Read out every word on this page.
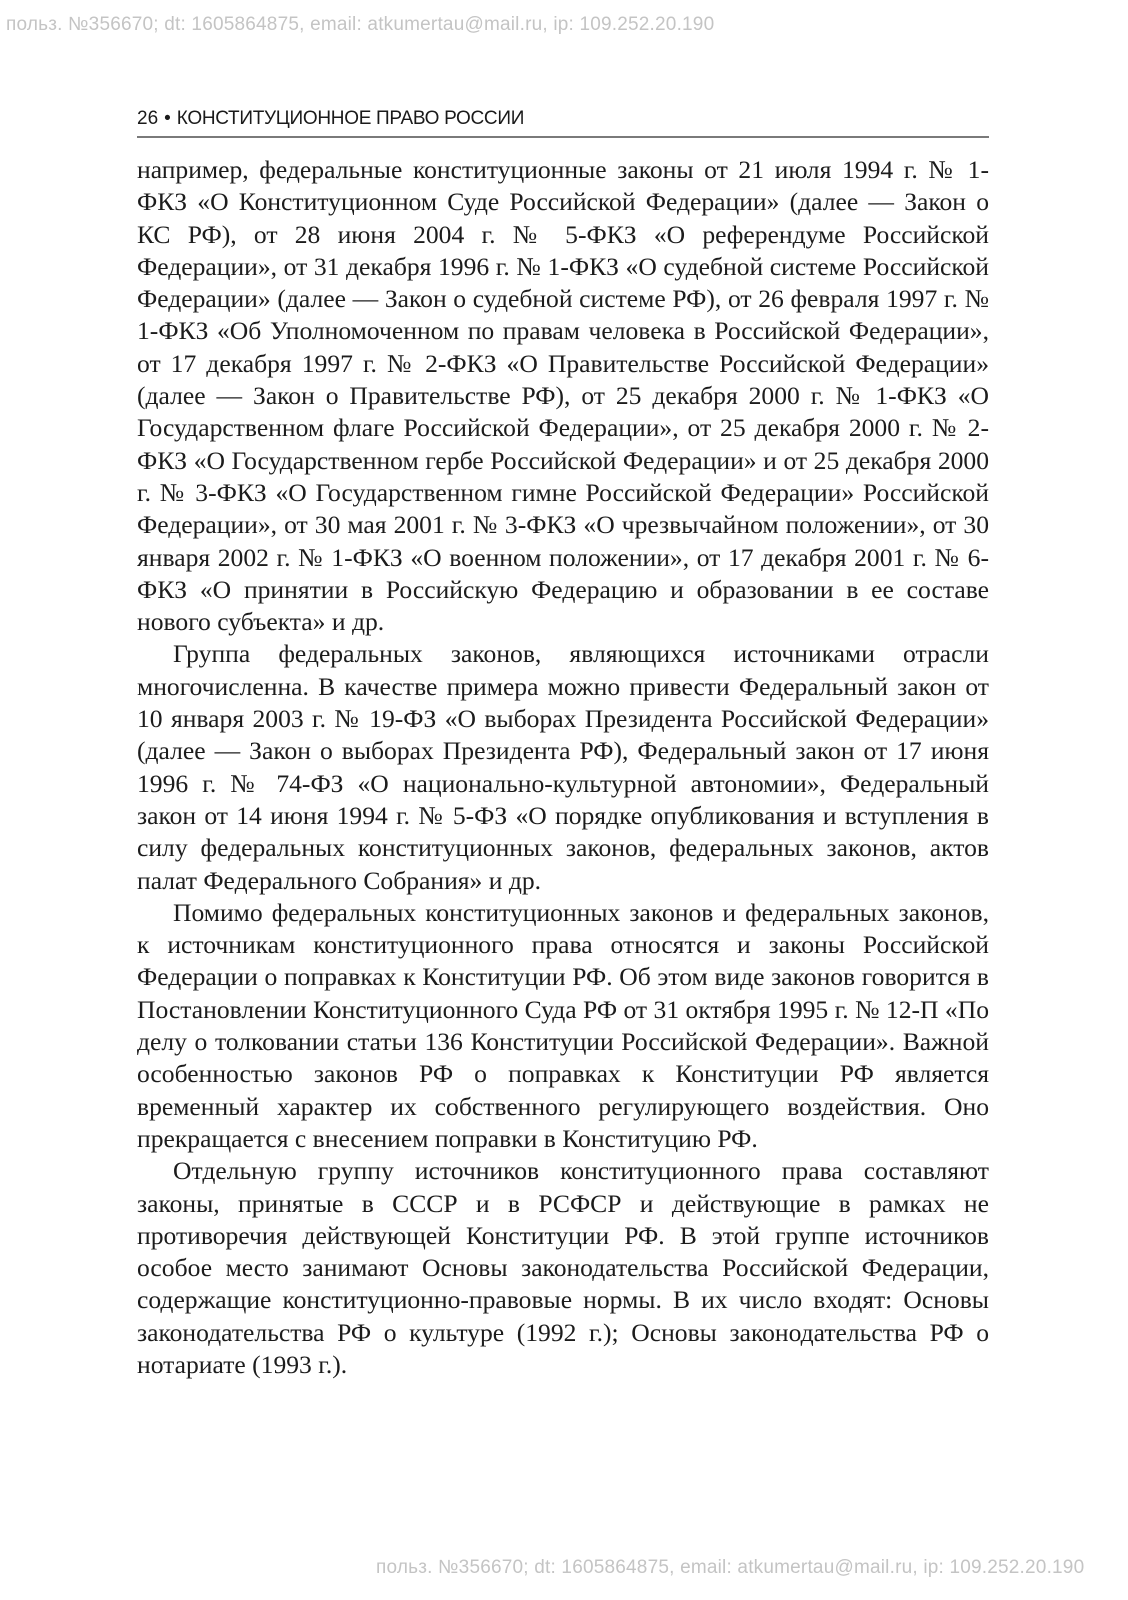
польз. №356670; dt: 1605864875, email: atkumertau@mail.ru, ip: 109.252.20.190
26 • КОНСТИТУЦИОННОЕ ПРАВО РОССИИ

например, федеральные конституционные законы от 21 июля 1994 г. № 1-ФКЗ «О Конституционном Суде Российской Федерации» (далее — Закон о КС РФ), от 28 июня 2004 г. № 5-ФКЗ «О референдуме Российской Федерации», от 31 декабря 1996 г. № 1-ФКЗ «О судебной системе Российской Федерации» (далее — Закон о судебной системе РФ), от 26 февраля 1997 г. № 1-ФКЗ «Об Уполномоченном по правам человека в Российской Федерации», от 17 декабря 1997 г. № 2-ФКЗ «О Правительстве Российской Федерации» (далее — Закон о Правительстве РФ), от 25 декабря 2000 г. № 1-ФКЗ «О Государственном флаге Российской Федерации», от 25 декабря 2000 г. № 2-ФКЗ «О Государственном гербе Российской Федерации» и от 25 декабря 2000 г. № 3-ФКЗ «О Государственном гимне Российской Федерации» Российской Федерации», от 30 мая 2001 г. № 3-ФКЗ «О чрезвычайном положении», от 30 января 2002 г. № 1-ФКЗ «О военном положении», от 17 декабря 2001 г. № 6-ФКЗ «О принятии в Российскую Федерацию и образовании в ее составе нового субъекта» и др.

Группа федеральных законов, являющихся источниками отрасли многочисленна. В качестве примера можно привести Федеральный закон от 10 января 2003 г. № 19-ФЗ «О выборах Президента Российской Федерации» (далее — Закон о выборах Президента РФ), Федеральный закон от 17 июня 1996 г. № 74-ФЗ «О национально-культурной автономии», Федеральный закон от 14 июня 1994 г. № 5-ФЗ «О порядке опубликования и вступления в силу федеральных конституционных законов, федеральных законов, актов палат Федерального Собрания» и др.

Помимо федеральных конституционных законов и федеральных законов, к источникам конституционного права относятся и законы Российской Федерации о поправках к Конституции РФ. Об этом виде законов говорится в Постановлении Конституционного Суда РФ от 31 октября 1995 г. № 12-П «По делу о толковании статьи 136 Конституции Российской Федерации». Важной особенностью законов РФ о поправках к Конституции РФ является временный характер их собственного регулирующего воздействия. Оно прекращается с внесением поправки в Конституцию РФ.

Отдельную группу источников конституционного права составляют законы, принятые в СССР и в РСФСР и действующие в рамках не противоречия действующей Конституции РФ. В этой группе источников особое место занимают Основы законодательства Российской Федерации, содержащие конституционно-правовые нормы. В их число входят: Основы законодательства РФ о культуре (1992 г.); Основы законодательства РФ о нотариате (1993 г.).

польз. №356670; dt: 1605864875, email: atkumertau@mail.ru, ip: 109.252.20.190
